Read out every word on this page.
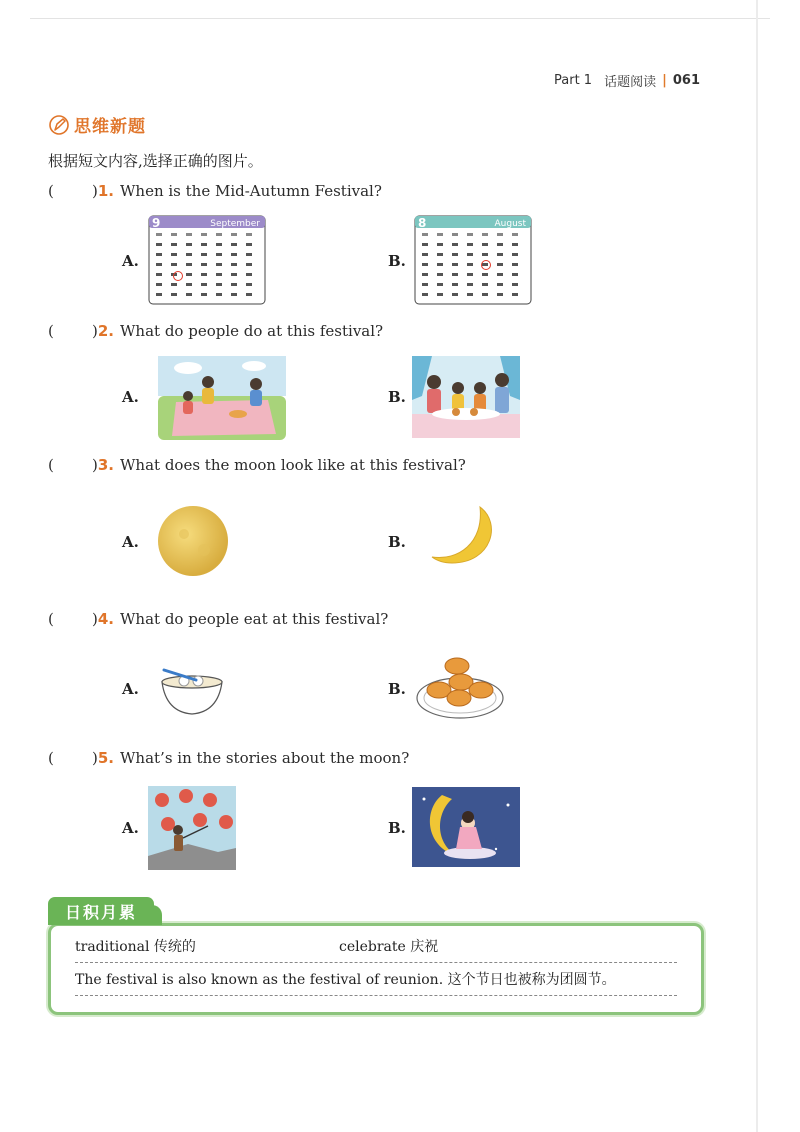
Part 1 话题阅读 | 061
思维新题
根据短文内容,选择正确的图片。
(	) 1. When is the Mid-Autumn Festival?
A.
9	September
B.
8	August
(	) 2. What do people do at this festival?
A.	B.
(	) 3. What does the moon look like at this festival?
A.	B.
(	) 4. What do people eat at this festival?
A.	B.
(	) 5. What’s in the stories about the moon?
A.	B.
traditional 传统的	celebrate 庆祝
The festival is also known as the festival of reunion. 这个节日也被称为团圆节。
日积月累
